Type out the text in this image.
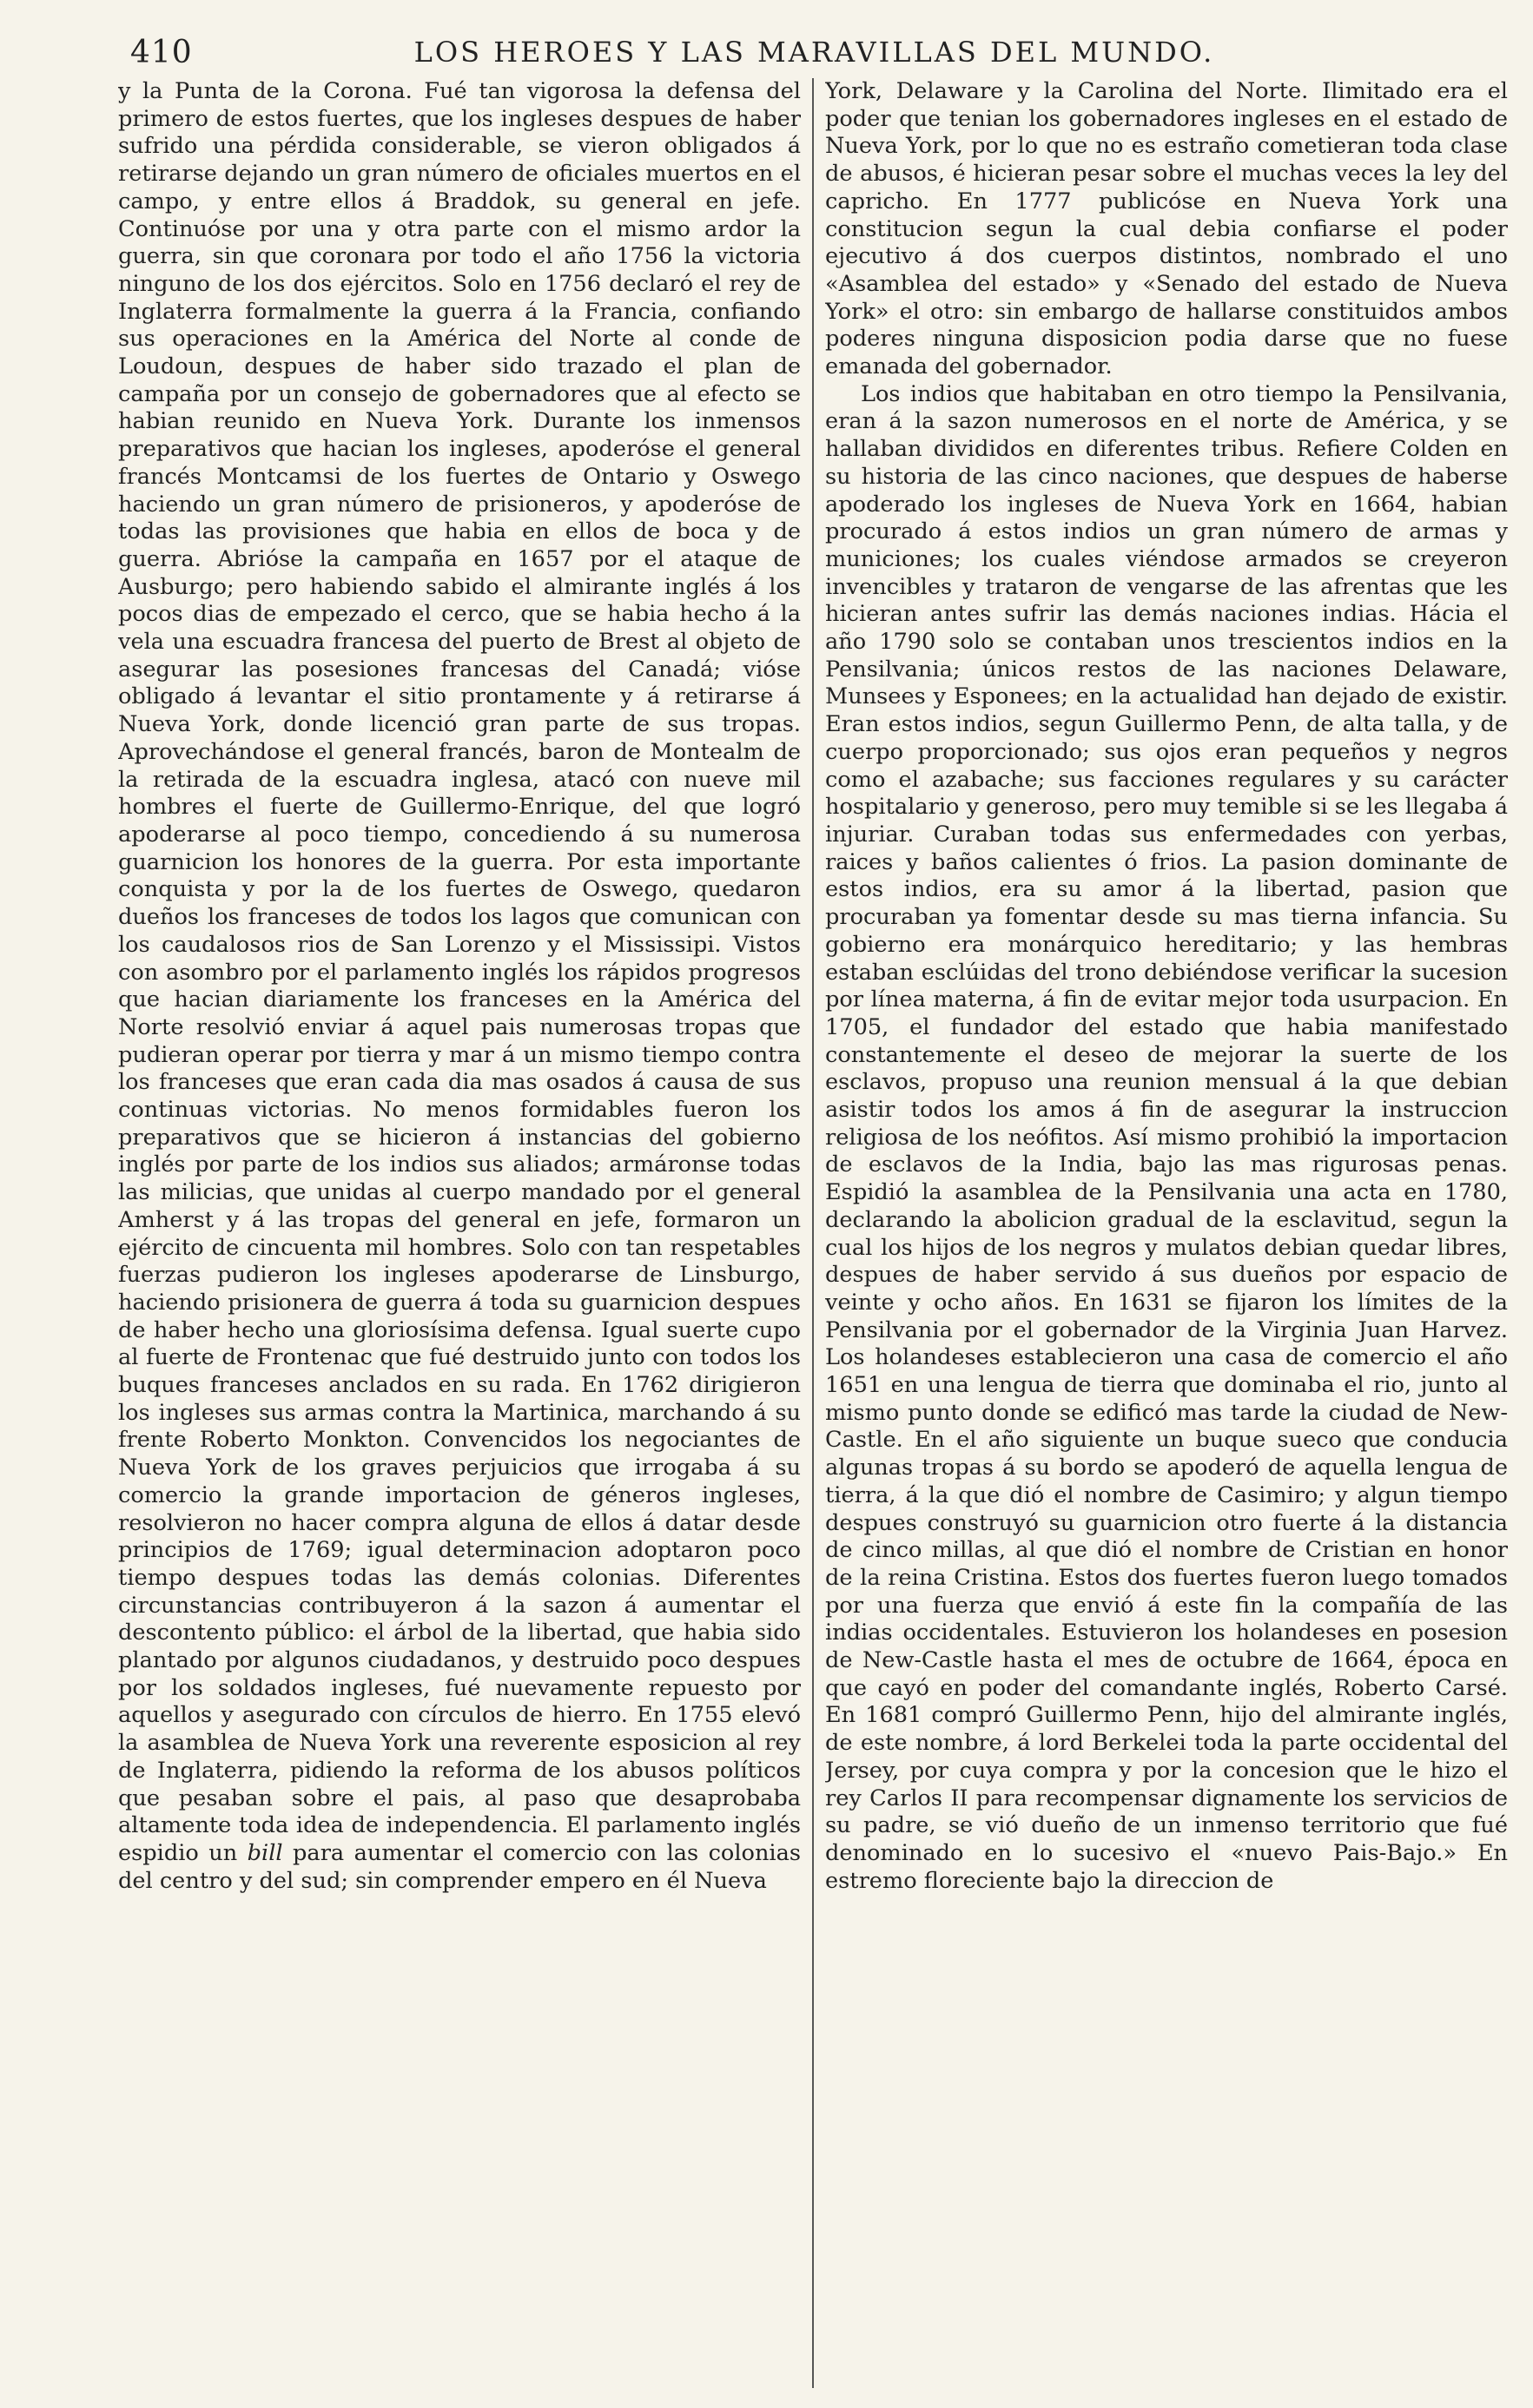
410	LOS HEROES Y LAS MARAVILLAS DEL MUNDO.

y la Punta de la Corona. Fué tan vigorosa la defensa del primero de estos fuertes, que los ingleses despues de haber sufrido una pérdida considerable, se vieron obligados á retirarse dejando un gran número de oficiales muertos en el campo, y entre ellos á Braddok, su general en jefe. Continuóse por una y otra parte con el mismo ardor la guerra, sin que coronara por todo el año 1756 la victoria ninguno de los dos ejércitos. Solo en 1756 declaró el rey de Inglaterra formalmente la guerra á la Francia, confiando sus operaciones en la América del Norte al conde de Loudoun, despues de haber sido trazado el plan de campaña por un consejo de gobernadores que al efecto se habian reunido en Nueva York. Durante los inmensos preparativos que hacian los ingleses, apoderóse el general francés Montcamsi de los fuertes de Ontario y Oswego haciendo un gran número de prisioneros, y apoderóse de todas las provisiones que habia en ellos de boca y de guerra. Abrióse la campaña en 1657 por el ataque de Ausburgo; pero habiendo sabido el almirante inglés á los pocos dias de empezado el cerco, que se habia hecho á la vela una escuadra francesa del puerto de Brest al objeto de asegurar las posesiones francesas del Canadá; vióse obligado á levantar el sitio prontamente y á retirarse á Nueva York, donde licenció gran parte de sus tropas. Aprovechándose el general francés, baron de Montealm de la retirada de la escuadra inglesa, atacó con nueve mil hombres el fuerte de Guillermo-Enrique, del que logró apoderarse al poco tiempo, concediendo á su numerosa guarnicion los honores de la guerra. Por esta importante conquista y por la de los fuertes de Oswego, quedaron dueños los franceses de todos los lagos que comunican con los caudalosos rios de San Lorenzo y el Mississipi. Vistos con asombro por el parlamento inglés los rápidos progresos que hacian diariamente los franceses en la América del Norte resolvió enviar á aquel pais numerosas tropas que pudieran operar por tierra y mar á un mismo tiempo contra los franceses que eran cada dia mas osados á causa de sus continuas victorias. No menos formidables fueron los preparativos que se hicieron á instancias del gobierno inglés por parte de los indios sus aliados; armáronse todas las milicias, que unidas al cuerpo mandado por el general Amherst y á las tropas del general en jefe, formaron un ejército de cincuenta mil hombres. Solo con tan respetables fuerzas pudieron los ingleses apoderarse de Linsburgo, haciendo prisionera de guerra á toda su guarnicion despues de haber hecho una gloriosísima defensa. Igual suerte cupo al fuerte de Frontenac que fué destruido junto con todos los buques franceses anclados en su rada. En 1762 dirigieron los ingleses sus armas contra la Martinica, marchando á su frente Roberto Monkton. Convencidos los negociantes de Nueva York de los graves perjuicios que irrogaba á su comercio la grande importacion de géneros ingleses, resolvieron no hacer compra alguna de ellos á datar desde principios de 1769; igual determinacion adoptaron poco tiempo despues todas las demás colonias. Diferentes circunstancias contribuyeron á la sazon á aumentar el descontento público: el árbol de la libertad, que habia sido plantado por algunos ciudadanos, y destruido poco despues por los soldados ingleses, fué nuevamente repuesto por aquellos y asegurado con círculos de hierro. En 1755 elevó la asamblea de Nueva York una reverente esposicion al rey de Inglaterra, pidiendo la reforma de los abusos políticos que pesaban sobre el pais, al paso que desaprobaba altamente toda idea de independencia. El parlamento inglés espidio un bill para aumentar el comercio con las colonias del centro y del sud; sin comprender empero en él Nueva

York, Delaware y la Carolina del Norte. Ilimitado era el poder que tenian los gobernadores ingleses en el estado de Nueva York, por lo que no es estraño cometieran toda clase de abusos, é hicieran pesar sobre el muchas veces la ley del capricho. En 1777 publicóse en Nueva York una constitucion segun la cual debia confiarse el poder ejecutivo á dos cuerpos distintos, nombrado el uno «Asamblea del estado» y «Senado del estado de Nueva York» el otro: sin embargo de hallarse constituidos ambos poderes ninguna disposicion podia darse que no fuese emanada del gobernador.

Los indios que habitaban en otro tiempo la Pensilvania, eran á la sazon numerosos en el norte de América, y se hallaban divididos en diferentes tribus. Refiere Colden en su historia de las cinco naciones, que despues de haberse apoderado los ingleses de Nueva York en 1664, habian procurado á estos indios un gran número de armas y municiones; los cuales viéndose armados se creyeron invencibles y trataron de vengarse de las afrentas que les hicieran antes sufrir las demás naciones indias. Hácia el año 1790 solo se contaban unos trescientos indios en la Pensilvania; únicos restos de las naciones Delaware, Munsees y Esponees; en la actualidad han dejado de existir. Eran estos indios, segun Guillermo Penn, de alta talla, y de cuerpo proporcionado; sus ojos eran pequeños y negros como el azabache; sus facciones regulares y su carácter hospitalario y generoso, pero muy temible si se les llegaba á injuriar. Curaban todas sus enfermedades con yerbas, raices y baños calientes ó frios. La pasion dominante de estos indios, era su amor á la libertad, pasion que procuraban ya fomentar desde su mas tierna infancia. Su gobierno era monárquico hereditario; y las hembras estaban esclúidas del trono debiéndose verificar la sucesion por línea materna, á fin de evitar mejor toda usurpacion. En 1705, el fundador del estado que habia manifestado constantemente el deseo de mejorar la suerte de los esclavos, propuso una reunion mensual á la que debian asistir todos los amos á fin de asegurar la instruccion religiosa de los neófitos. Así mismo prohibió la importacion de esclavos de la India, bajo las mas rigurosas penas. Espidió la asamblea de la Pensilvania una acta en 1780, declarando la abolicion gradual de la esclavitud, segun la cual los hijos de los negros y mulatos debian quedar libres, despues de haber servido á sus dueños por espacio de veinte y ocho años. En 1631 se fijaron los límites de la Pensilvania por el gobernador de la Virginia Juan Harvez. Los holandeses establecieron una casa de comercio el año 1651 en una lengua de tierra que dominaba el rio, junto al mismo punto donde se edificó mas tarde la ciudad de New-Castle. En el año siguiente un buque sueco que conducia algunas tropas á su bordo se apoderó de aquella lengua de tierra, á la que dió el nombre de Casimiro; y algun tiempo despues construyó su guarnicion otro fuerte á la distancia de cinco millas, al que dió el nombre de Cristian en honor de la reina Cristina. Estos dos fuertes fueron luego tomados por una fuerza que envió á este fin la compañía de las indias occidentales. Estuvieron los holandeses en posesion de New-Castle hasta el mes de octubre de 1664, época en que cayó en poder del comandante inglés, Roberto Carsé. En 1681 compró Guillermo Penn, hijo del almirante inglés, de este nombre, á lord Berkelei toda la parte occidental del Jersey, por cuya compra y por la concesion que le hizo el rey Carlos II para recompensar dignamente los servicios de su padre, se vió dueño de un inmenso territorio que fué denominado en lo sucesivo el «nuevo Pais-Bajo.» En estremo floreciente bajo la direccion de
